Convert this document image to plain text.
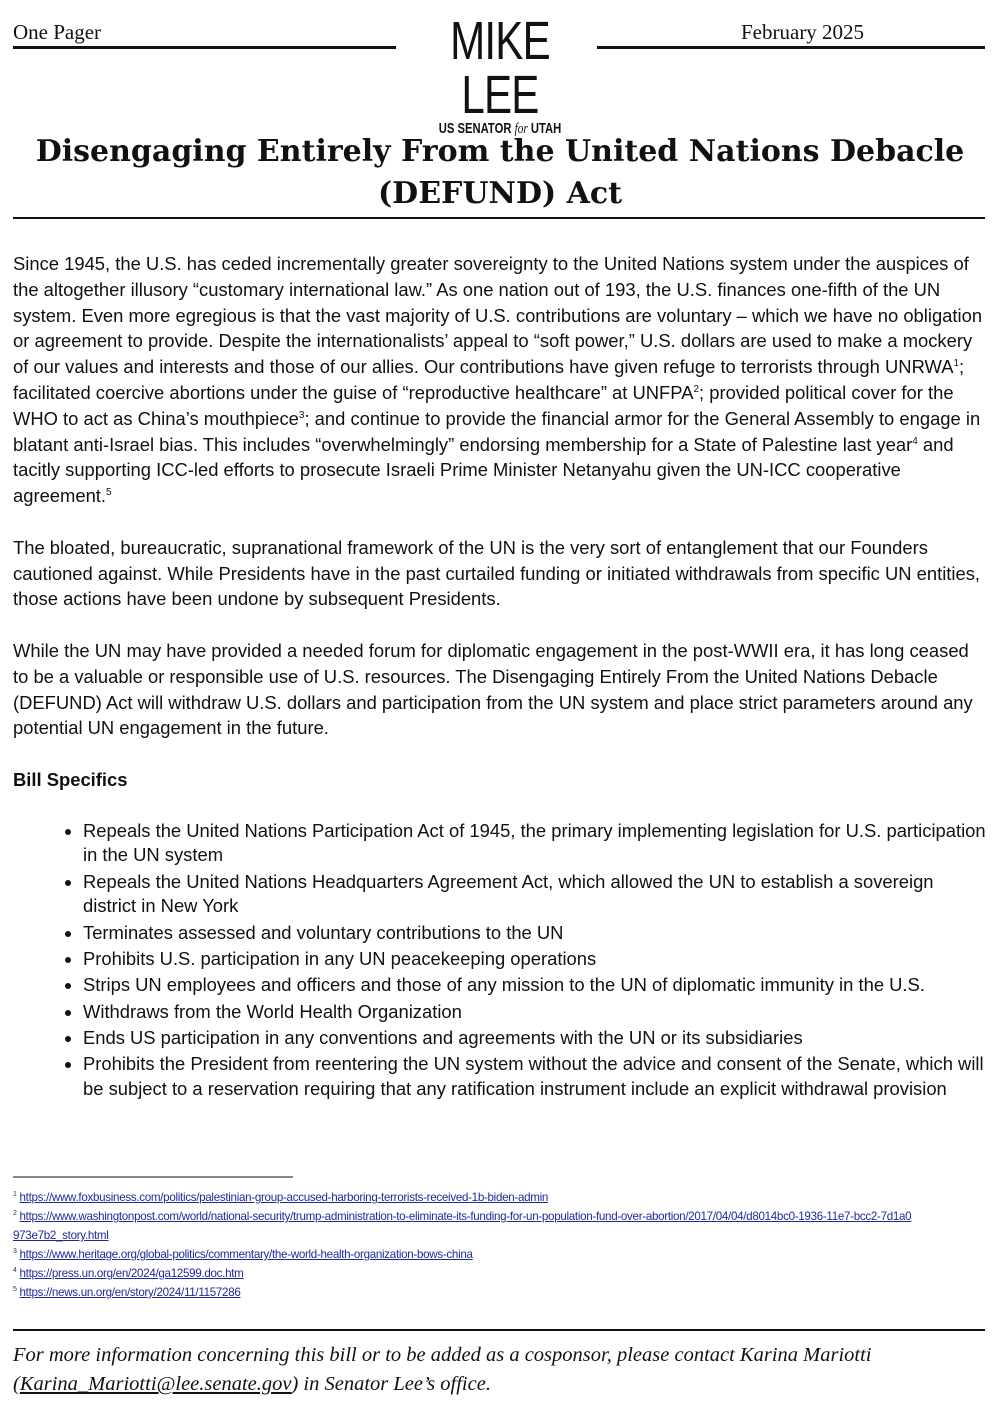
One Pager	MIKE LEE
US SENATOR for UTAH
February 2025
Disengaging Entirely From the United Nations Debacle
(DEFUND) Act

Since 1945, the U.S. has ceded incrementally greater sovereignty to the United Nations system under the auspices of the altogether illusory “customary international law.” As one nation out of 193, the U.S. finances one-fifth of the UN system. Even more egregious is that the vast majority of U.S. contributions are voluntary – which we have no obligation or agreement to provide. Despite the internationalists’ appeal to “soft power,” U.S. dollars are used to make a mockery of our values and interests and those of our allies. Our contributions have given refuge to terrorists through UNRWA$^1$; facilitated coercive abortions under the guise of “reproductive healthcare” at UNFPA$^2$; provided political cover for the WHO to act as China’s mouthpiece$^3$; and continue to provide the financial armor for the General Assembly to engage in blatant anti-Israel bias. This includes “overwhelmingly” endorsing membership for a State of Palestine last year$^4$ and tacitly supporting ICC-led efforts to prosecute Israeli Prime Minister Netanyahu given the UN-ICC cooperative agreement.$^5$

The bloated, bureaucratic, supranational framework of the UN is the very sort of entanglement that our Founders cautioned against. While Presidents have in the past curtailed funding or initiated withdrawals from specific UN entities, those actions have been undone by subsequent Presidents.

While the UN may have provided a needed forum for diplomatic engagement in the post-WWII era, it has long ceased to be a valuable or responsible use of U.S. resources. The Disengaging Entirely From the United Nations Debacle (DEFUND) Act will withdraw U.S. dollars and participation from the UN system and place strict parameters around any potential UN engagement in the future.

Bill Specifics

• Repeals the United Nations Participation Act of 1945, the primary implementing legislation for U.S. participation in the UN system
• Repeals the United Nations Headquarters Agreement Act, which allowed the UN to establish a sovereign district in New York
• Terminates assessed and voluntary contributions to the UN
• Prohibits U.S. participation in any UN peacekeeping operations
• Strips UN employees and officers and those of any mission to the UN of diplomatic immunity in the U.S.
• Withdraws from the World Health Organization
• Ends US participation in any conventions and agreements with the UN or its subsidiaries
• Prohibits the President from reentering the UN system without the advice and consent of the Senate, which will be subject to a reservation requiring that any ratification instrument include an explicit withdrawal provision
$^1$ https://www.foxbusiness.com/politics/palestinian-group-accused-harboring-terrorists-received-1b-biden-admin
$^2$ https://www.washingtonpost.com/world/national-security/trump-administration-to-eliminate-its-funding-for-un-population-fund-over-abortion/2017/04/04/d8014bc0-1936-11e7-bcc2-7d1a0973e7b2_story.html
$^3$ https://www.heritage.org/global-politics/commentary/the-world-health-organization-bows-china
$^4$ https://press.un.org/en/2024/ga12599.doc.htm
$^5$ https://news.un.org/en/story/2024/11/1157286
For more information concerning this bill or to be added as a cosponsor, please contact Karina Mariotti (Karina_Mariotti@lee.senate.gov) in Senator Lee’s office.
